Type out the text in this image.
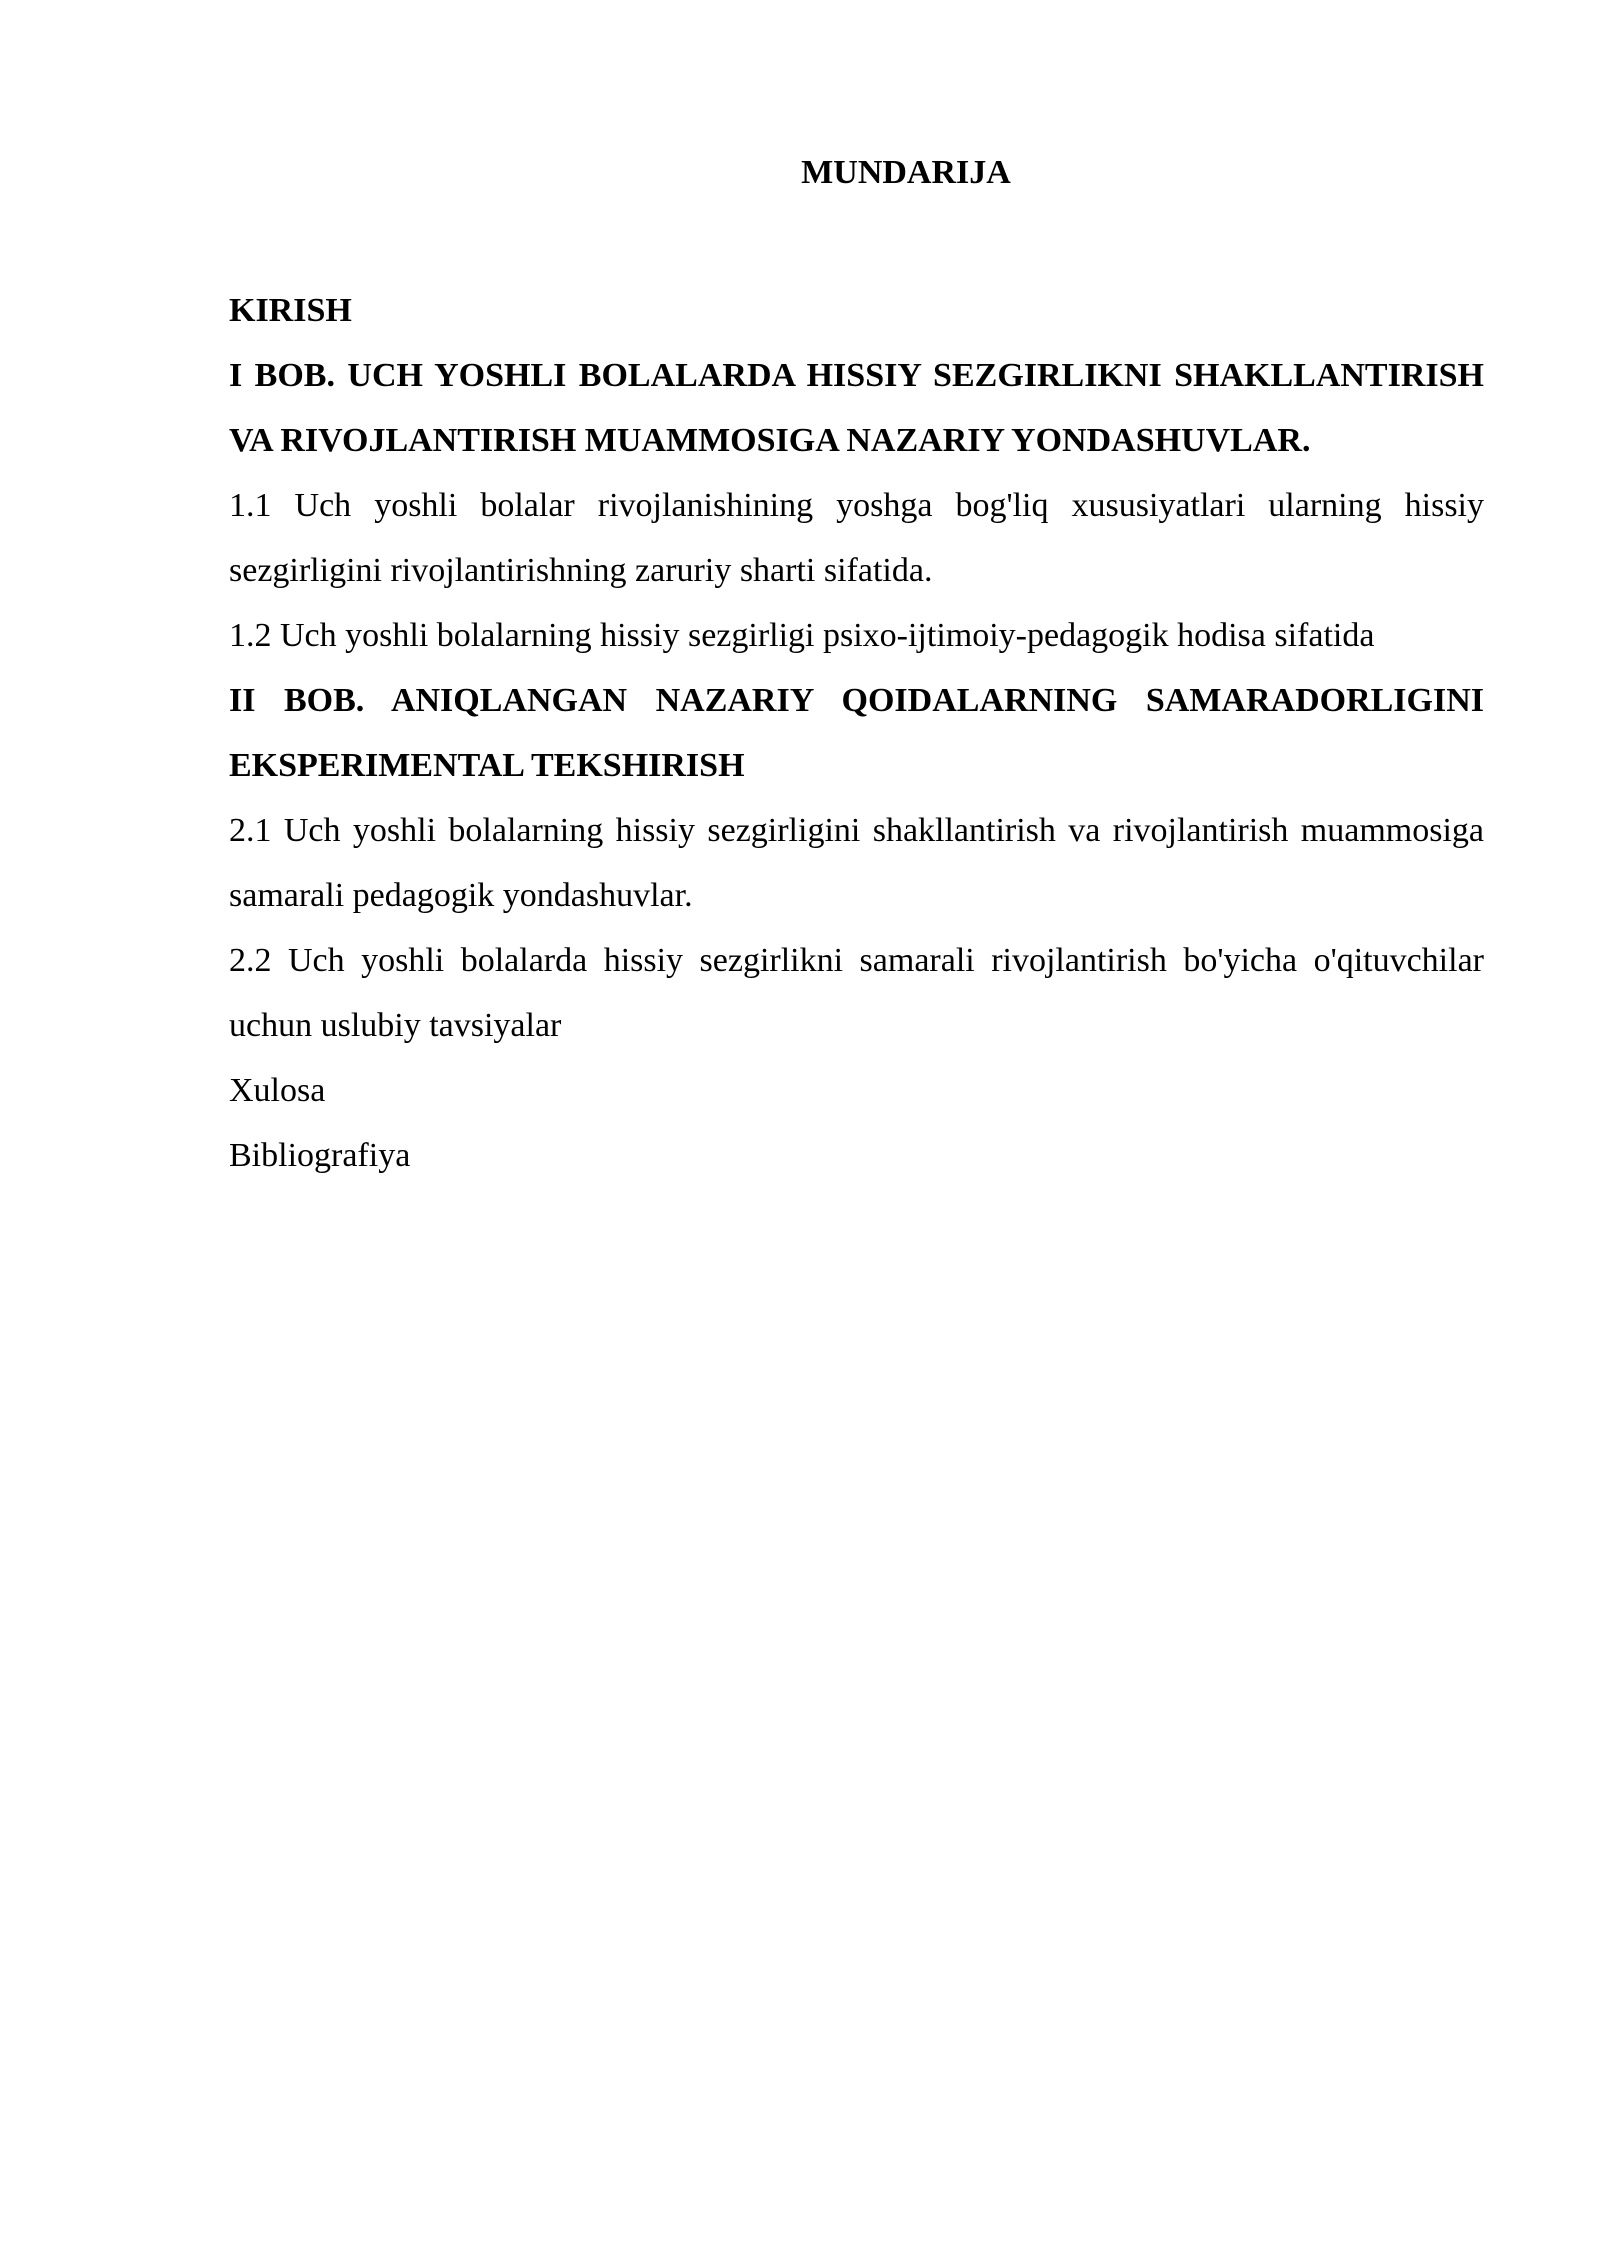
MUNDARIJA

KIRISH

I BOB. UCH YOSHLI BOLALARDA HISSIY SEZGIRLIKNI SHAKLLANTIRISH VA RIVOJLANTIRISH MUAMMOSIGA NAZARIY YONDASHUVLAR.

1.1 Uch yoshli bolalar rivojlanishining yoshga bog'liq xususiyatlari ularning hissiy sezgirligini rivojlantirishning zaruriy sharti sifatida.

1.2 Uch yoshli bolalarning hissiy sezgirligi psixo-ijtimoiy-pedagogik hodisa sifatida

II BOB. ANIQLANGAN NAZARIY QOIDALARNING SAMARADORLIGINI EKSPERIMENTAL TEKSHIRISH

2.1 Uch yoshli bolalarning hissiy sezgirligini shakllantirish va rivojlantirish muammosiga samarali pedagogik yondashuvlar.

2.2 Uch yoshli bolalarda hissiy sezgirlikni samarali rivojlantirish bo'yicha o'qituvchilar uchun uslubiy tavsiyalar

Xulosa

Bibliografiya
